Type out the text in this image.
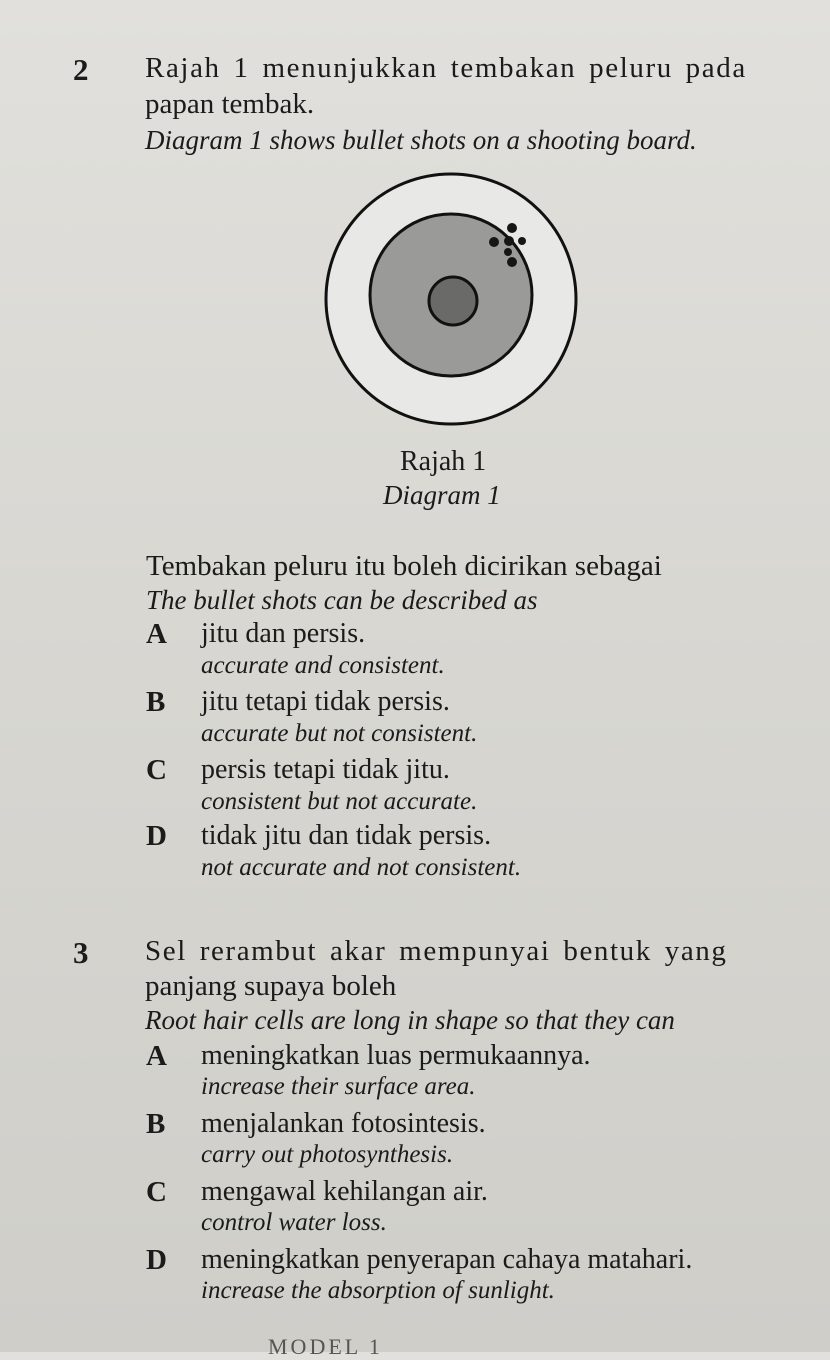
2 Rajah 1 menunjukkan tembakan peluru pada
papan tembak.
Diagram 1 shows bullet shots on a shooting board.
Rajah 1
Diagram 1
Tembakan peluru itu boleh dicirikan sebagai
The bullet shots can be described as
A jitu dan persis.
accurate and consistent.
B jitu tetapi tidak persis.
accurate but not consistent.
C persis tetapi tidak jitu.
consistent but not accurate.
D tidak jitu dan tidak persis.
not accurate and not consistent.
3 Sel rerambut akar mempunyai bentuk yang
panjang supaya boleh
Root hair cells are long in shape so that they can
A meningkatkan luas permukaannya.
increase their surface area.
B menjalankan fotosintesis.
carry out photosynthesis.
C mengawal kehilangan air.
control water loss.
D meningkatkan penyerapan cahaya matahari.
increase the absorption of sunlight.
MODEL 1
